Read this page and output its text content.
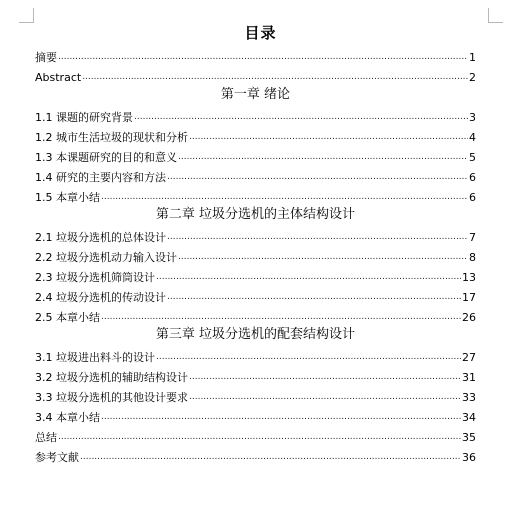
目录
摘要 .....	1
Abstract .....	2
第一章 绪论
1.1 课题的研究背景 .....	3
1.2 城市生活垃圾的现状和分析 .....	4
1.3 本课题研究的目的和意义 .....	5
1.4 研究的主要内容和方法 .....	6
1.5 本章小结 .....	6
第二章 垃圾分选机的主体结构设计
2.1 垃圾分选机的总体设计 .....	7
2.2 垃圾分选机动力输入设计 .....	8
2.3 垃圾分选机筛筒设计 .....	13
2.4 垃圾分选机的传动设计 .....	17
2.5 本章小结 .....	26
第三章 垃圾分选机的配套结构设计
3.1 垃圾进出料斗的设计 .....	27
3.2 垃圾分选机的辅助结构设计 .....	31
3.3 垃圾分选机的其他设计要求 .....	33
3.4 本章小结 .....	34
总结 .....	35
参考文献 .....	36
